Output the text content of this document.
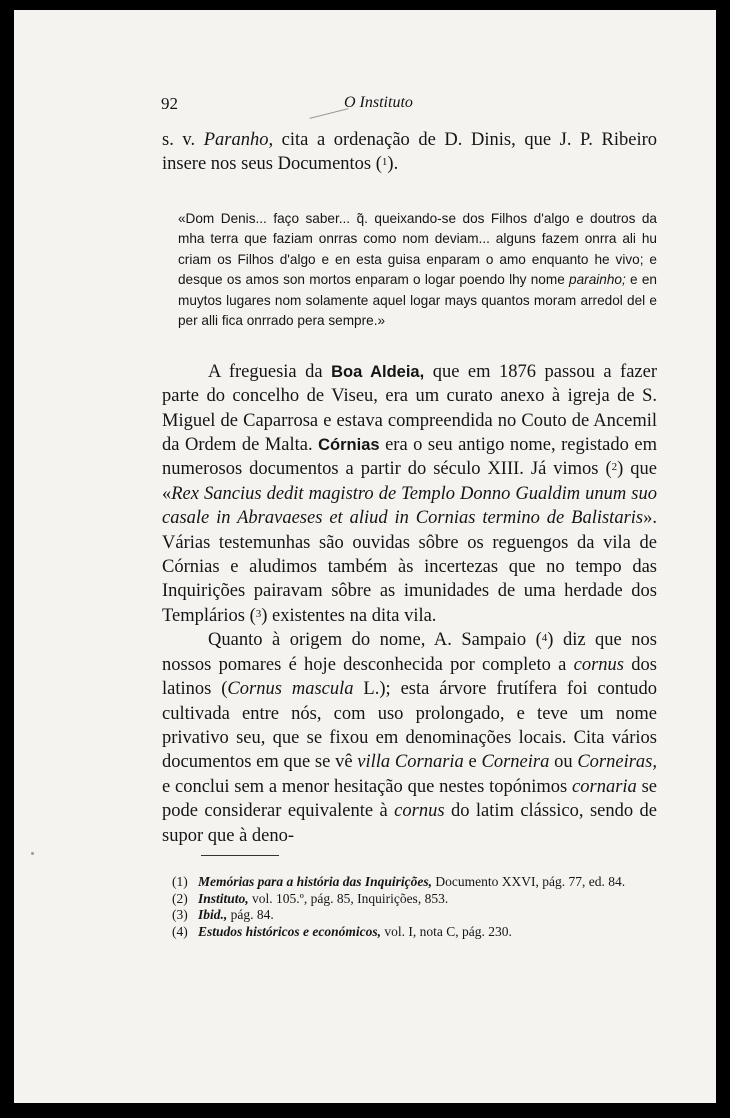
92	O Instituto

s. v. Paranho, cita a ordenação de D. Dinis, que J. P. Ribeiro insere nos seus Documentos ($^1$).

«Dom Denis... faço saber... q̃. queixando-se dos Filhos d'algo e doutros da mha terra que faziam onrras como nom deviam... alguns fazem onrra ali hu criam os Filhos d'algo e en esta guisa enparam o amo enquanto he vivo; e desque os amos son mortos enparam o logar poendo lhy nome parainho; e en muytos lugares nom solamente aquel logar mays quantos moram arredol del e per alli fica onrrado pera sempre.»

A freguesia da Boa Aldeia, que em 1876 passou a fazer parte do concelho de Viseu, era um curato anexo à igreja de S. Miguel de Caparrosa e estava compreendida no Couto de Ancemil da Ordem de Malta. Córnias era o seu antigo nome, registado em numerosos documentos a partir do século XIII. Já vimos ($^2$) que «Rex Sancius dedit magistro de Templo Donno Gualdim unum suo casale in Abravaeses et aliud in Cornias termino de Balistaris». Várias testemunhas são ouvidas sôbre os reguengos da vila de Córnias e aludimos também às incertezas que no tempo das Inquirições pairavam sôbre as imunidades de uma herdade dos Templários ($^3$) existentes na dita vila.

Quanto à origem do nome, A. Sampaio ($^4$) diz que nos nossos pomares é hoje desconhecida por completo a cornus dos latinos (Cornus mascula L.); esta árvore frutífera foi contudo cultivada entre nós, com uso prolongado, e teve um nome privativo seu, que se fixou em denominações locais. Cita vários documentos em que se vê villa Cornaria e Corneira ou Corneiras, e conclui sem a menor hesitação que nestes topónimos cornaria se pode considerar equivalente à cornus do latim clássico, sendo de supor que à deno-

(1) Memórias para a história das Inquirições, Documento XXVI, pág. 77, ed. 84.

(2) Instituto, vol. 105.º, pág. 85, Inquirições, 853.

(3) Ibid., pág. 84.

(4) Estudos históricos e económicos, vol. I, nota C, pág. 230.
